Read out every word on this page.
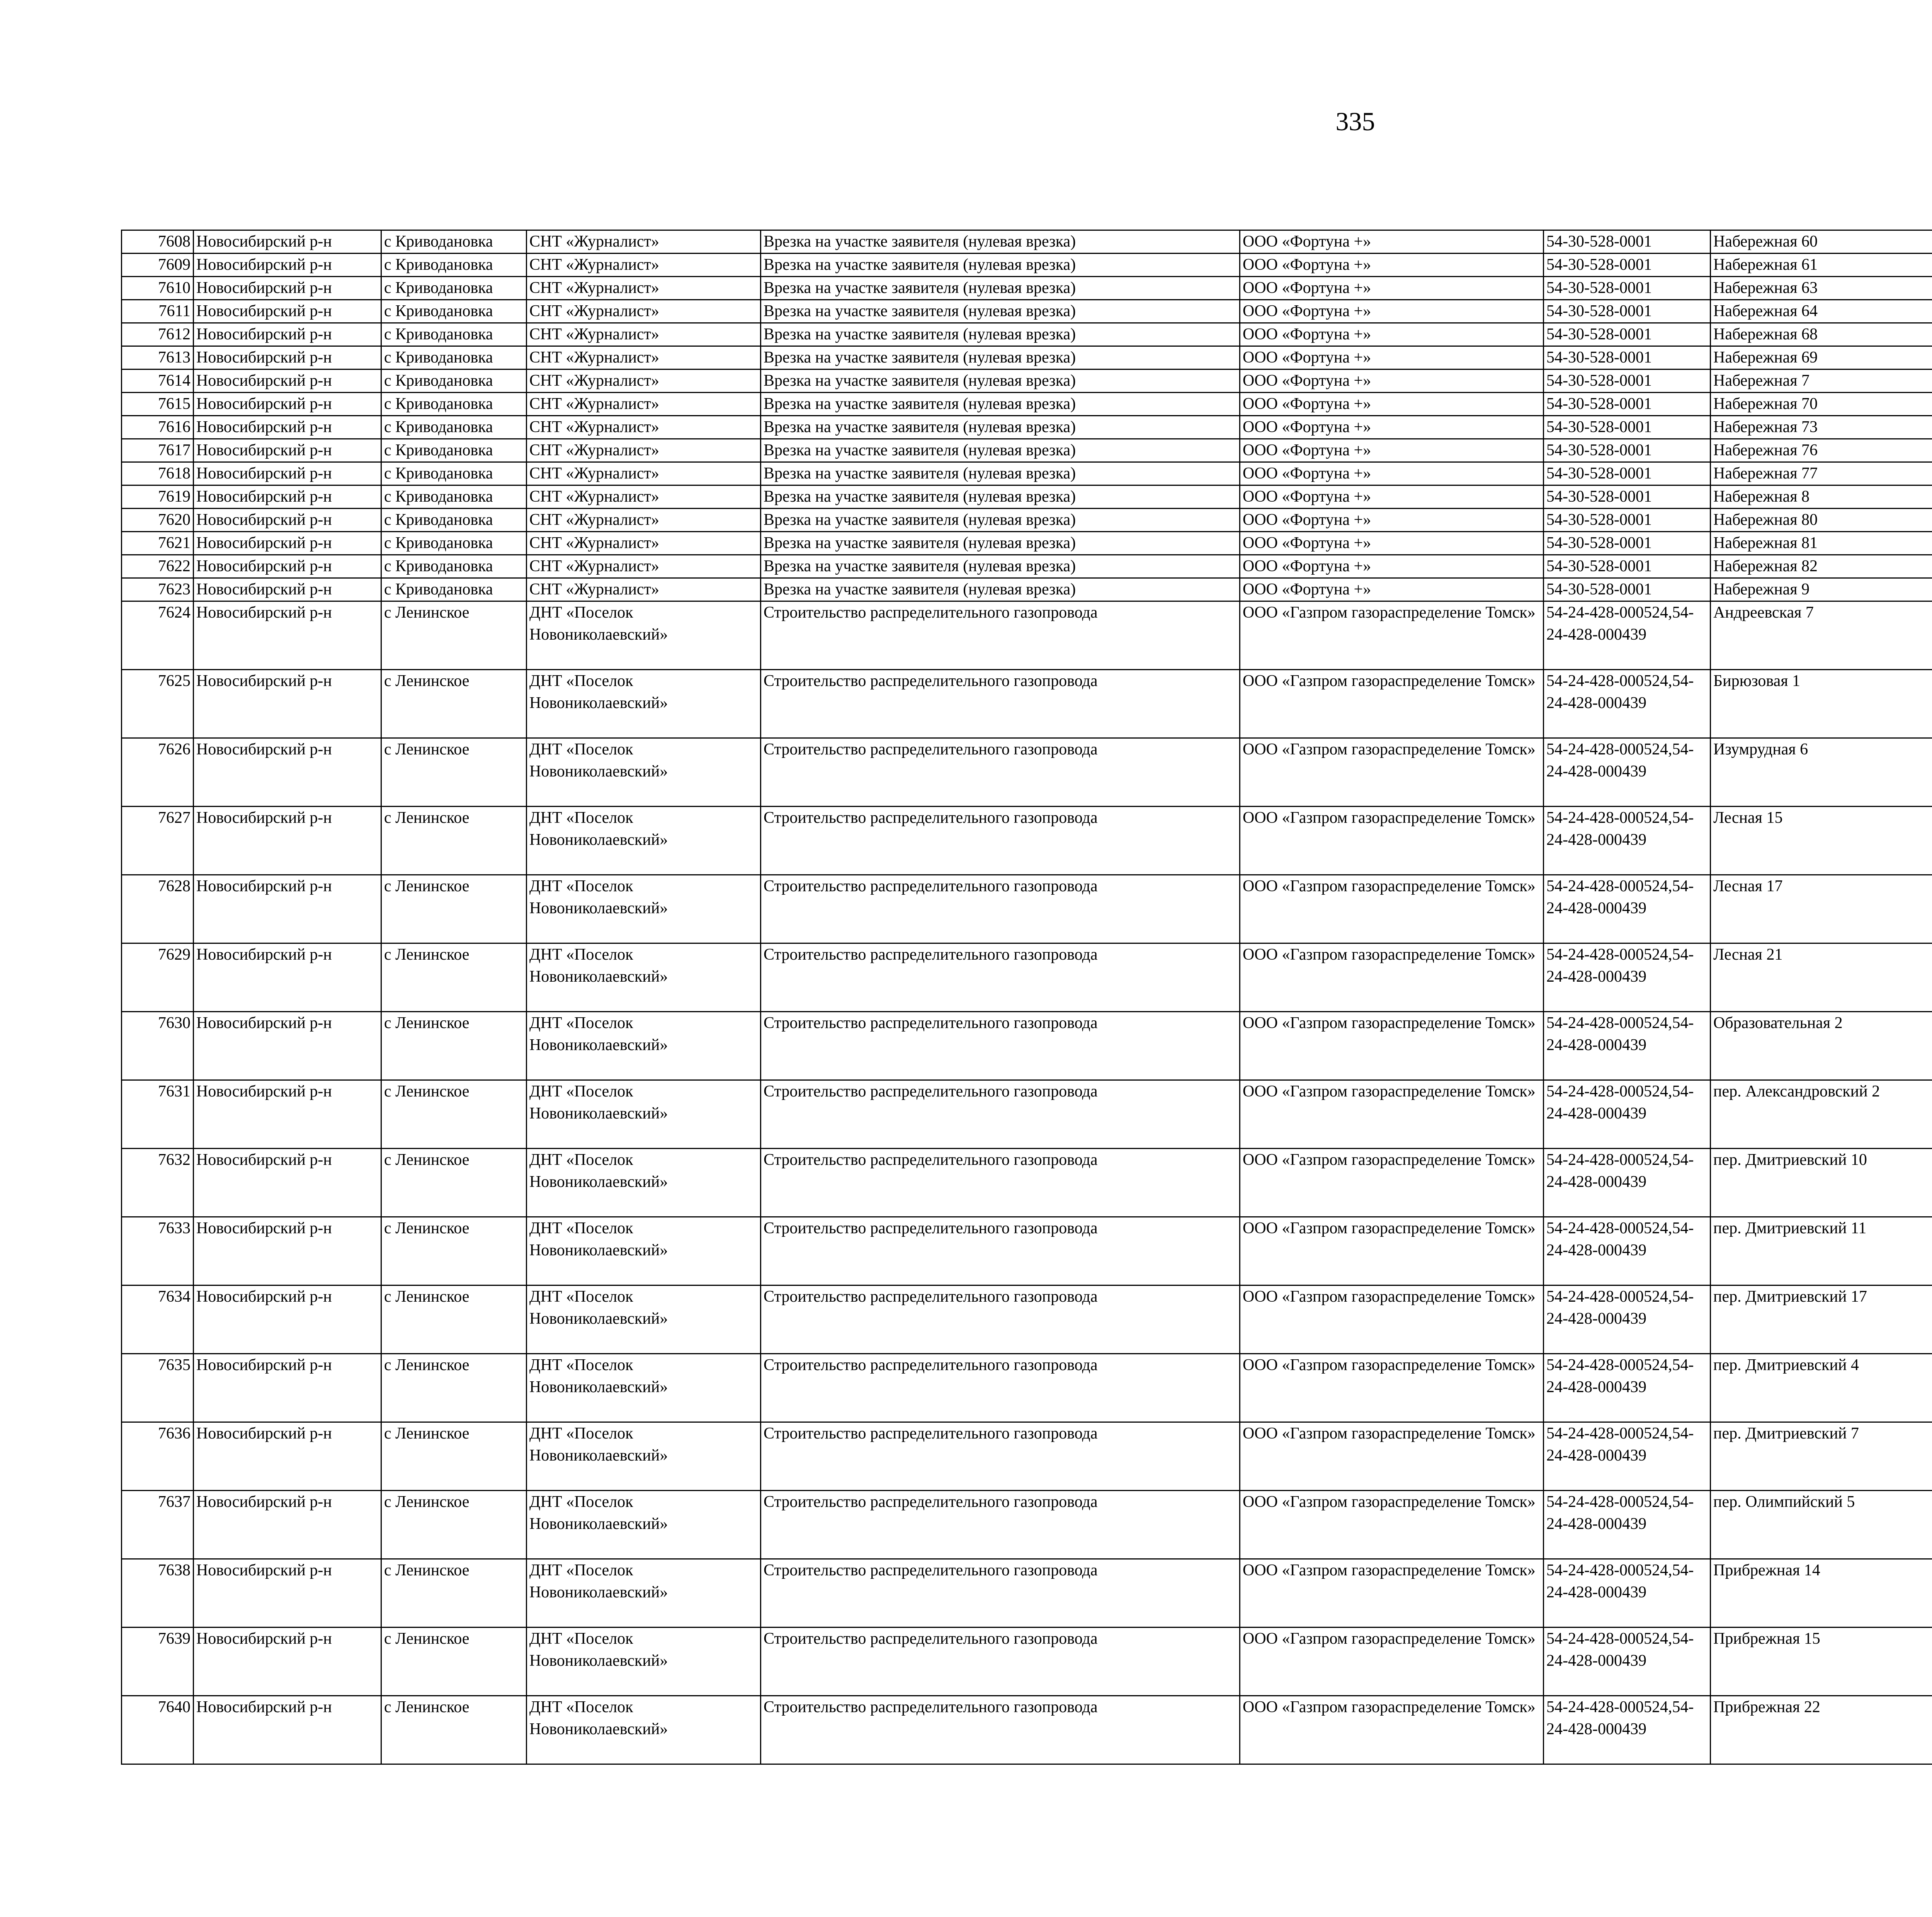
335
7608	Новосибирский р-н	с Криводановка	СНТ «Журналист»	Врезка на участке заявителя (нулевая врезка)	ООО «Фортуна +»	54-30-528-0001	Набережная 60					
7609	Новосибирский р-н	с Криводановка	СНТ «Журналист»	Врезка на участке заявителя (нулевая врезка)	ООО «Фортуна +»	54-30-528-0001	Набережная 61					
7610	Новосибирский р-н	с Криводановка	СНТ «Журналист»	Врезка на участке заявителя (нулевая врезка)	ООО «Фортуна +»	54-30-528-0001	Набережная 63					
7611	Новосибирский р-н	с Криводановка	СНТ «Журналист»	Врезка на участке заявителя (нулевая врезка)	ООО «Фортуна +»	54-30-528-0001	Набережная 64					
7612	Новосибирский р-н	с Криводановка	СНТ «Журналист»	Врезка на участке заявителя (нулевая врезка)	ООО «Фортуна +»	54-30-528-0001	Набережная 68					
7613	Новосибирский р-н	с Криводановка	СНТ «Журналист»	Врезка на участке заявителя (нулевая врезка)	ООО «Фортуна +»	54-30-528-0001	Набережная 69					
7614	Новосибирский р-н	с Криводановка	СНТ «Журналист»	Врезка на участке заявителя (нулевая врезка)	ООО «Фортуна +»	54-30-528-0001	Набережная 7					
7615	Новосибирский р-н	с Криводановка	СНТ «Журналист»	Врезка на участке заявителя (нулевая врезка)	ООО «Фортуна +»	54-30-528-0001	Набережная 70					
7616	Новосибирский р-н	с Криводановка	СНТ «Журналист»	Врезка на участке заявителя (нулевая врезка)	ООО «Фортуна +»	54-30-528-0001	Набережная 73					
7617	Новосибирский р-н	с Криводановка	СНТ «Журналист»	Врезка на участке заявителя (нулевая врезка)	ООО «Фортуна +»	54-30-528-0001	Набережная 76					
7618	Новосибирский р-н	с Криводановка	СНТ «Журналист»	Врезка на участке заявителя (нулевая врезка)	ООО «Фортуна +»	54-30-528-0001	Набережная 77					
7619	Новосибирский р-н	с Криводановка	СНТ «Журналист»	Врезка на участке заявителя (нулевая врезка)	ООО «Фортуна +»	54-30-528-0001	Набережная 8					
7620	Новосибирский р-н	с Криводановка	СНТ «Журналист»	Врезка на участке заявителя (нулевая врезка)	ООО «Фортуна +»	54-30-528-0001	Набережная 80					
7621	Новосибирский р-н	с Криводановка	СНТ «Журналист»	Врезка на участке заявителя (нулевая врезка)	ООО «Фортуна +»	54-30-528-0001	Набережная 81					
7622	Новосибирский р-н	с Криводановка	СНТ «Журналист»	Врезка на участке заявителя (нулевая врезка)	ООО «Фортуна +»	54-30-528-0001	Набережная 82					
7623	Новосибирский р-н	с Криводановка	СНТ «Журналист»	Врезка на участке заявителя (нулевая врезка)	ООО «Фортуна +»	54-30-528-0001	Набережная 9					
7624	Новосибирский р-н	с Ленинское	ДНТ «Поселок Новониколаевский»	Строительство распределительного газопровода	ООО «Газпром газораспределение Томск»	54-24-428-000524,54-24-428-000439	Андреевская 7					
7625	Новосибирский р-н	с Ленинское	ДНТ «Поселок Новониколаевский»	Строительство распределительного газопровода	ООО «Газпром газораспределение Томск»	54-24-428-000524,54-24-428-000439	Бирюзовая 1					
7626	Новосибирский р-н	с Ленинское	ДНТ «Поселок Новониколаевский»	Строительство распределительного газопровода	ООО «Газпром газораспределение Томск»	54-24-428-000524,54-24-428-000439	Изумрудная 6					
7627	Новосибирский р-н	с Ленинское	ДНТ «Поселок Новониколаевский»	Строительство распределительного газопровода	ООО «Газпром газораспределение Томск»	54-24-428-000524,54-24-428-000439	Лесная 15					
7628	Новосибирский р-н	с Ленинское	ДНТ «Поселок Новониколаевский»	Строительство распределительного газопровода	ООО «Газпром газораспределение Томск»	54-24-428-000524,54-24-428-000439	Лесная 17					
7629	Новосибирский р-н	с Ленинское	ДНТ «Поселок Новониколаевский»	Строительство распределительного газопровода	ООО «Газпром газораспределение Томск»	54-24-428-000524,54-24-428-000439	Лесная 21					
7630	Новосибирский р-н	с Ленинское	ДНТ «Поселок Новониколаевский»	Строительство распределительного газопровода	ООО «Газпром газораспределение Томск»	54-24-428-000524,54-24-428-000439	Образовательная 2					
7631	Новосибирский р-н	с Ленинское	ДНТ «Поселок Новониколаевский»	Строительство распределительного газопровода	ООО «Газпром газораспределение Томск»	54-24-428-000524,54-24-428-000439	пер. Александровский 2					
7632	Новосибирский р-н	с Ленинское	ДНТ «Поселок Новониколаевский»	Строительство распределительного газопровода	ООО «Газпром газораспределение Томск»	54-24-428-000524,54-24-428-000439	пер. Дмитриевский 10					
7633	Новосибирский р-н	с Ленинское	ДНТ «Поселок Новониколаевский»	Строительство распределительного газопровода	ООО «Газпром газораспределение Томск»	54-24-428-000524,54-24-428-000439	пер. Дмитриевский 11					
7634	Новосибирский р-н	с Ленинское	ДНТ «Поселок Новониколаевский»	Строительство распределительного газопровода	ООО «Газпром газораспределение Томск»	54-24-428-000524,54-24-428-000439	пер. Дмитриевский 17					
7635	Новосибирский р-н	с Ленинское	ДНТ «Поселок Новониколаевский»	Строительство распределительного газопровода	ООО «Газпром газораспределение Томск»	54-24-428-000524,54-24-428-000439	пер. Дмитриевский 4					
7636	Новосибирский р-н	с Ленинское	ДНТ «Поселок Новониколаевский»	Строительство распределительного газопровода	ООО «Газпром газораспределение Томск»	54-24-428-000524,54-24-428-000439	пер. Дмитриевский 7					
7637	Новосибирский р-н	с Ленинское	ДНТ «Поселок Новониколаевский»	Строительство распределительного газопровода	ООО «Газпром газораспределение Томск»	54-24-428-000524,54-24-428-000439	пер. Олимпийский 5					
7638	Новосибирский р-н	с Ленинское	ДНТ «Поселок Новониколаевский»	Строительство распределительного газопровода	ООО «Газпром газораспределение Томск»	54-24-428-000524,54-24-428-000439	Прибрежная 14					
7639	Новосибирский р-н	с Ленинское	ДНТ «Поселок Новониколаевский»	Строительство распределительного газопровода	ООО «Газпром газораспределение Томск»	54-24-428-000524,54-24-428-000439	Прибрежная 15					
7640	Новосибирский р-н	с Ленинское	ДНТ «Поселок Новониколаевский»	Строительство распределительного газопровода	ООО «Газпром газораспределение Томск»	54-24-428-000524,54-24-428-000439	Прибрежная 22					
